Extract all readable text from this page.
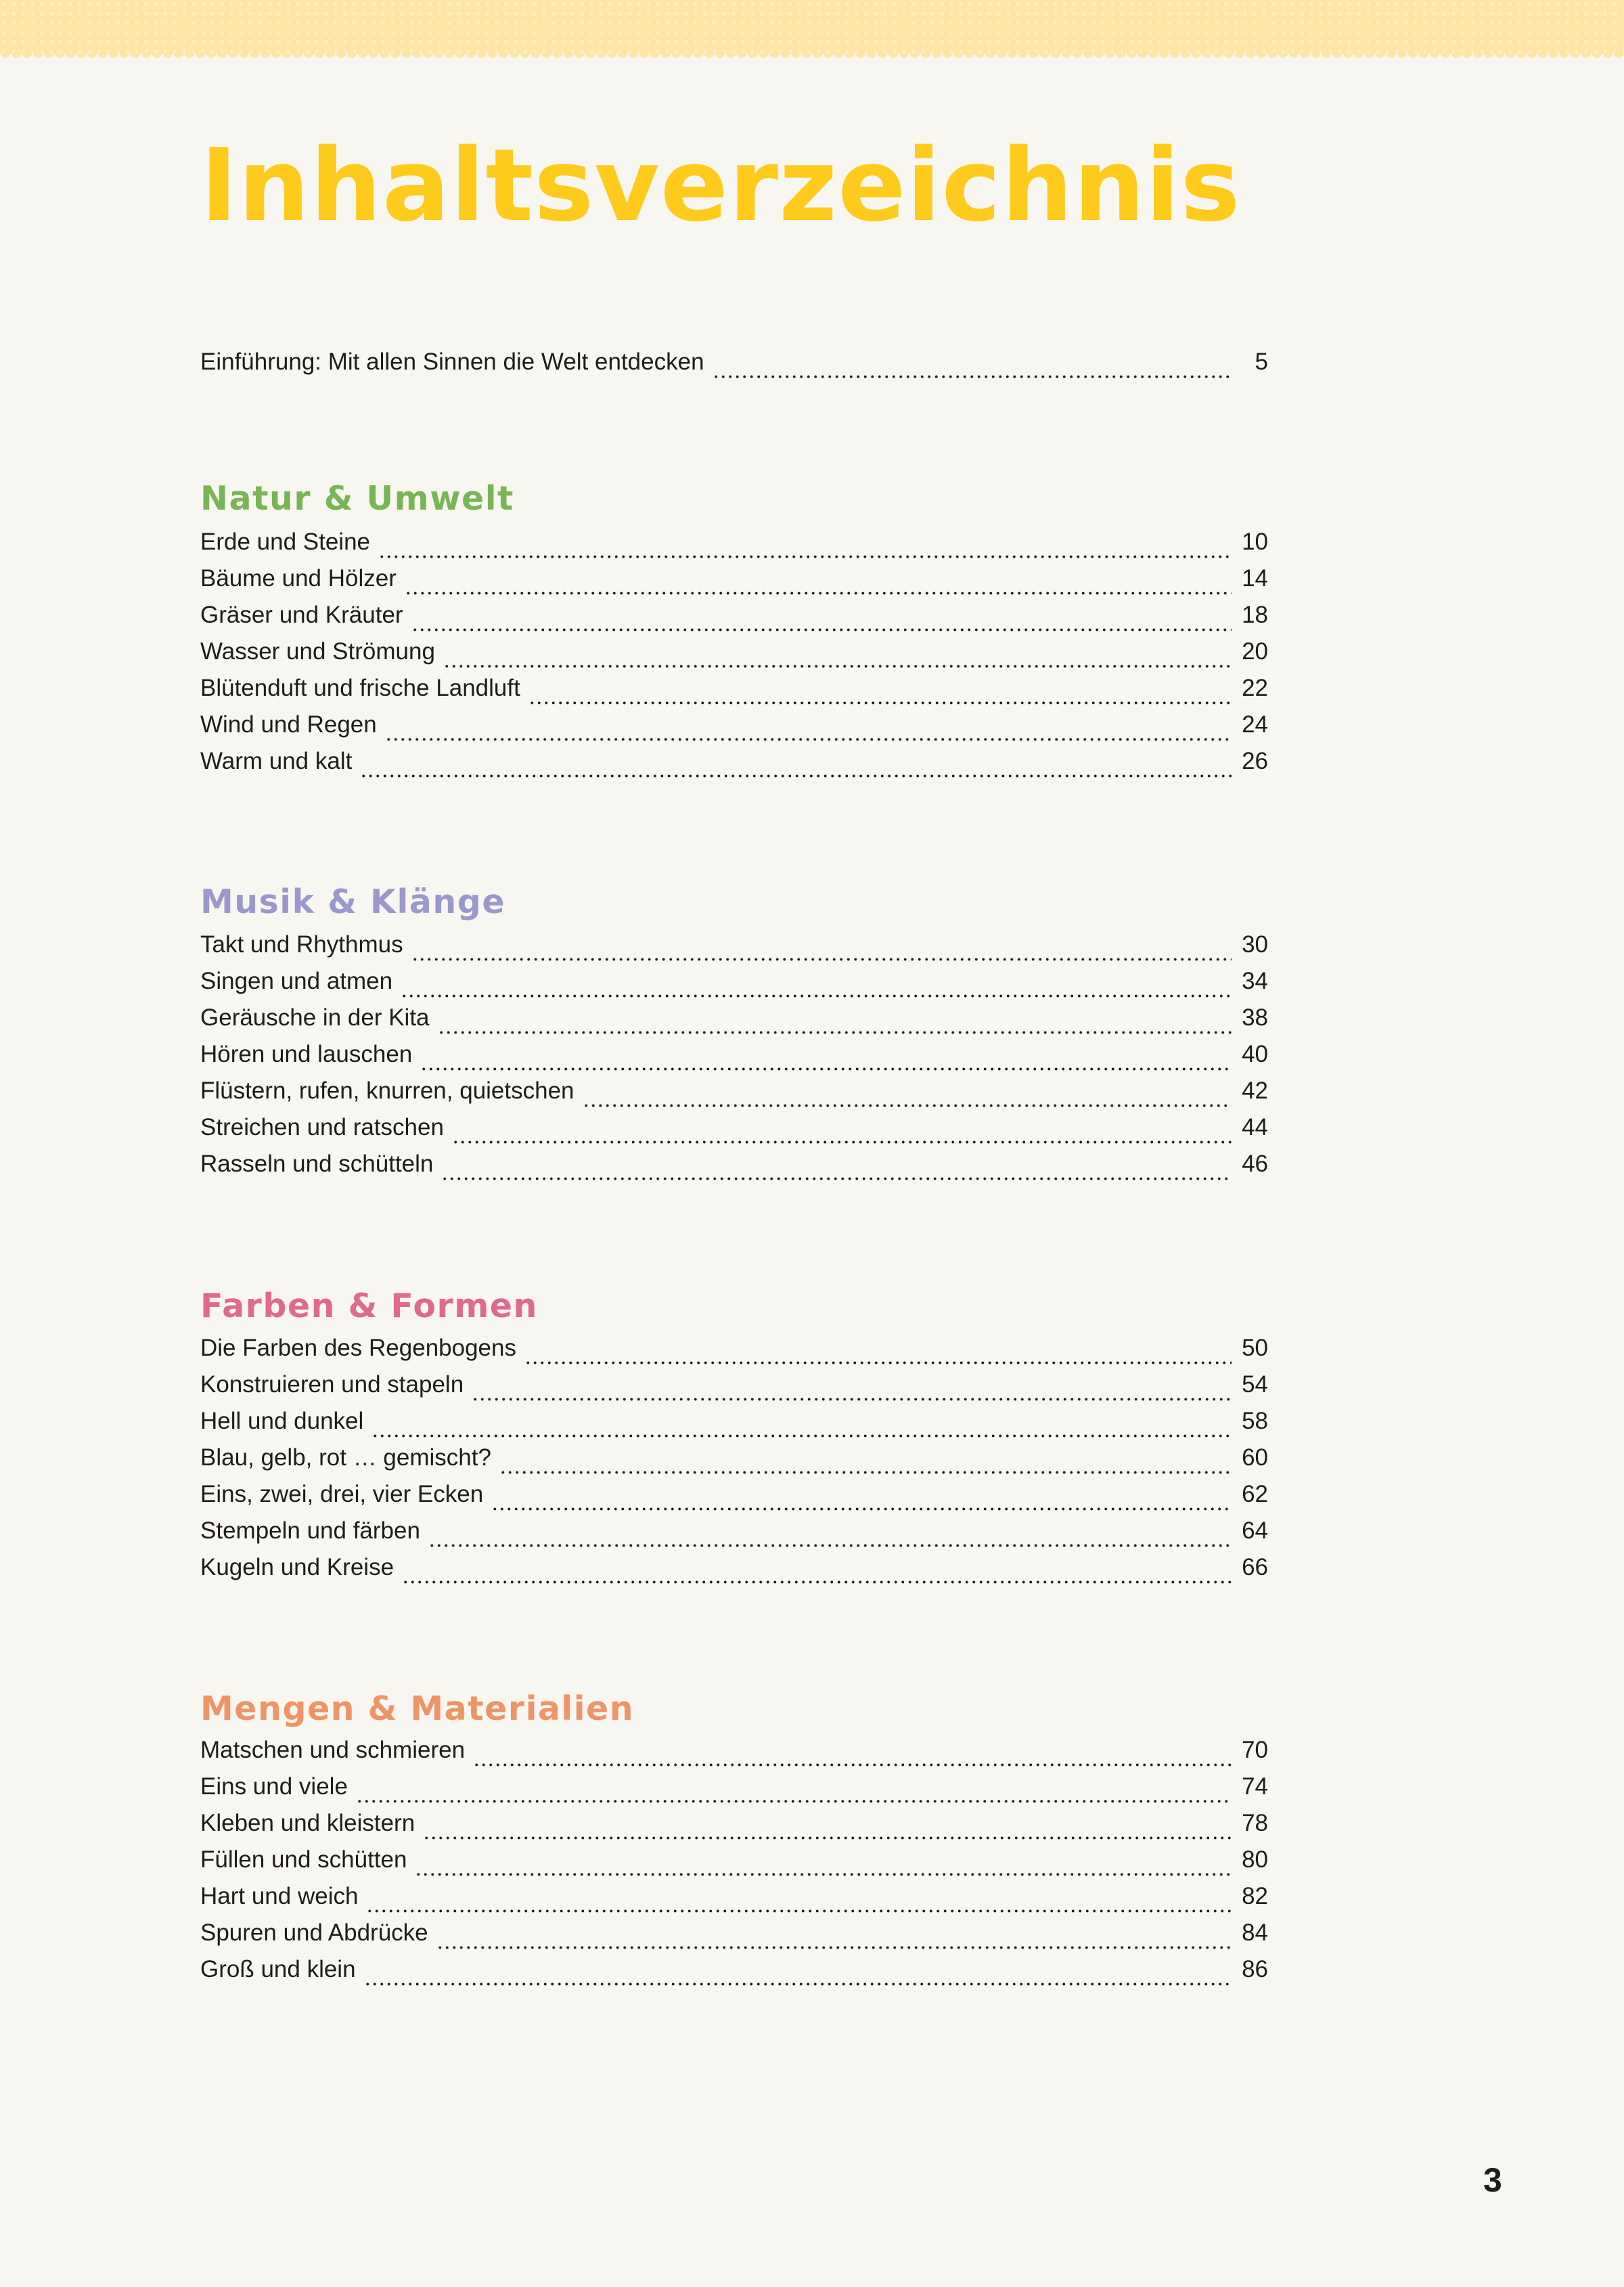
Inhaltsverzeichnis
Einführung: Mit allen Sinnen die Welt entdecken	5
Natur & Umwelt
Erde und Steine	10
Bäume und Hölzer	14
Gräser und Kräuter	18
Wasser und Strömung	20
Blütenduft und frische Landluft	22
Wind und Regen	24
Warm und kalt	26
Musik & Klänge
Takt und Rhythmus	30
Singen und atmen	34
Geräusche in der Kita	38
Hören und lauschen	40
Flüstern, rufen, knurren, quietschen	42
Streichen und ratschen	44
Rasseln und schütteln	46
Farben & Formen
Die Farben des Regenbogens	50
Konstruieren und stapeln	54
Hell und dunkel	58
Blau, gelb, rot … gemischt?	60
Eins, zwei, drei, vier Ecken	62
Stempeln und färben	64
Kugeln und Kreise	66
Mengen & Materialien
Matschen und schmieren	70
Eins und viele	74
Kleben und kleistern	78
Füllen und schütten	80
Hart und weich	82
Spuren und Abdrücke	84
Groß und klein	86
3
